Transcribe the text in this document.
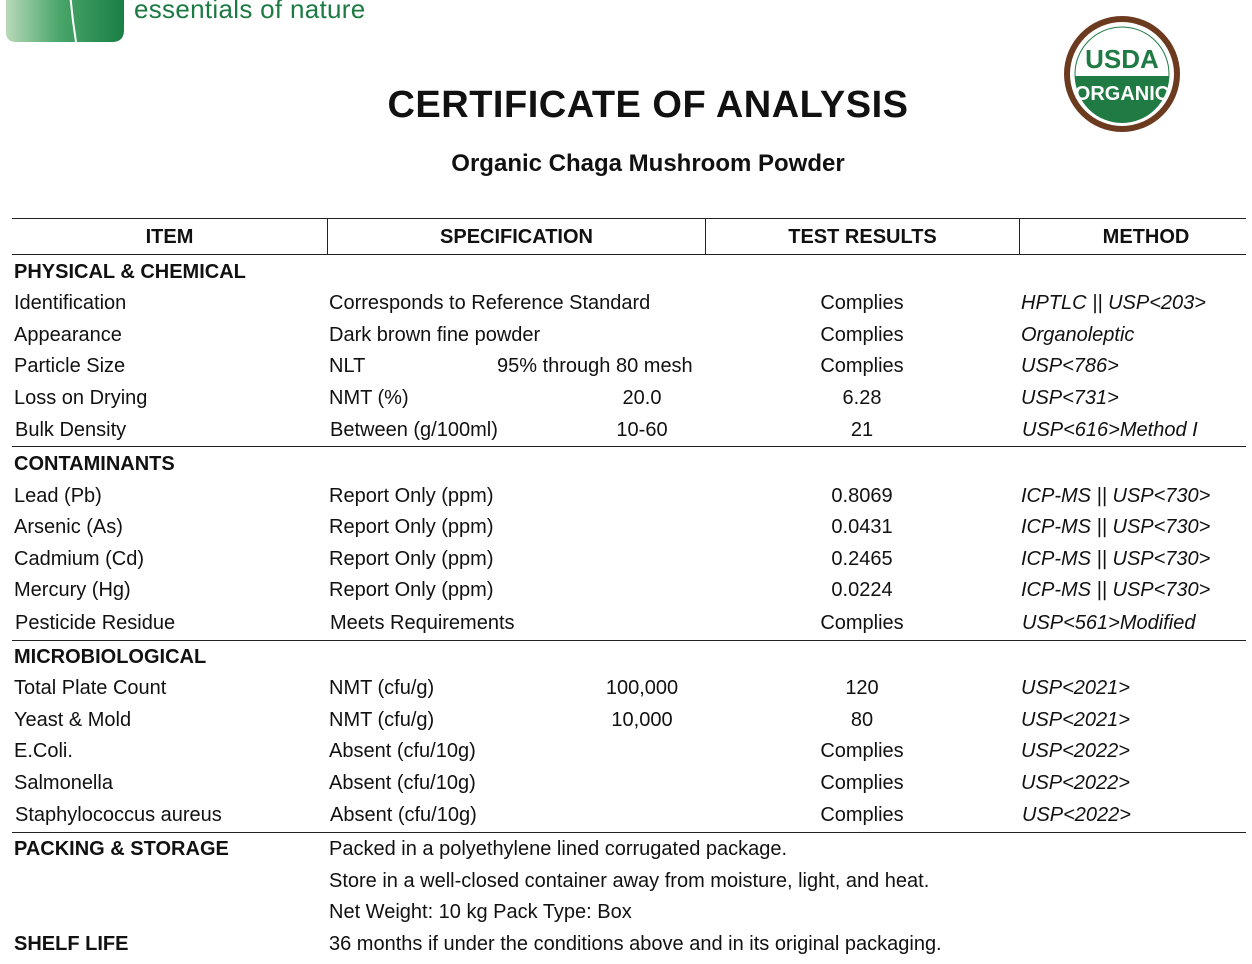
essentials of nature
USDA
ORGANIC
CERTIFICATE OF ANALYSIS
Organic Chaga Mushroom Powder
ITEM	SPECIFICATION	TEST RESULTS	METHOD
PHYSICAL & CHEMICAL
Identification	Corresponds to Reference Standard	Complies	HPTLC || USP<203>
Appearance	Dark brown fine powder	Complies	Organoleptic
Particle Size	NLT	95% through 80 mesh	Complies	USP<786>
Loss on Drying	NMT (%)	20.0	6.28	USP<731>
Bulk Density	Between (g/100ml)	10-60	21	USP<616>Method I
CONTAMINANTS
Lead (Pb)	Report Only (ppm)	0.8069	ICP-MS || USP<730>
Arsenic (As)	Report Only (ppm)	0.0431	ICP-MS || USP<730>
Cadmium (Cd)	Report Only (ppm)	0.2465	ICP-MS || USP<730>
Mercury (Hg)	Report Only (ppm)	0.0224	ICP-MS || USP<730>
Pesticide Residue	Meets Requirements	Complies	USP<561>Modified
MICROBIOLOGICAL
Total Plate Count	NMT (cfu/g)	100,000	120	USP<2021>
Yeast & Mold	NMT (cfu/g)	10,000	80	USP<2021>
E.Coli.	Absent (cfu/10g)	Complies	USP<2022>
Salmonella	Absent (cfu/10g)	Complies	USP<2022>
Staphylococcus aureus	Absent (cfu/10g)	Complies	USP<2022>
PACKING & STORAGE	Packed in a polyethylene lined corrugated package.
Store in a well-closed container away from moisture, light, and heat.
Net Weight: 10 kg Pack Type: Box
SHELF LIFE	36 months if under the conditions above and in its original packaging.
